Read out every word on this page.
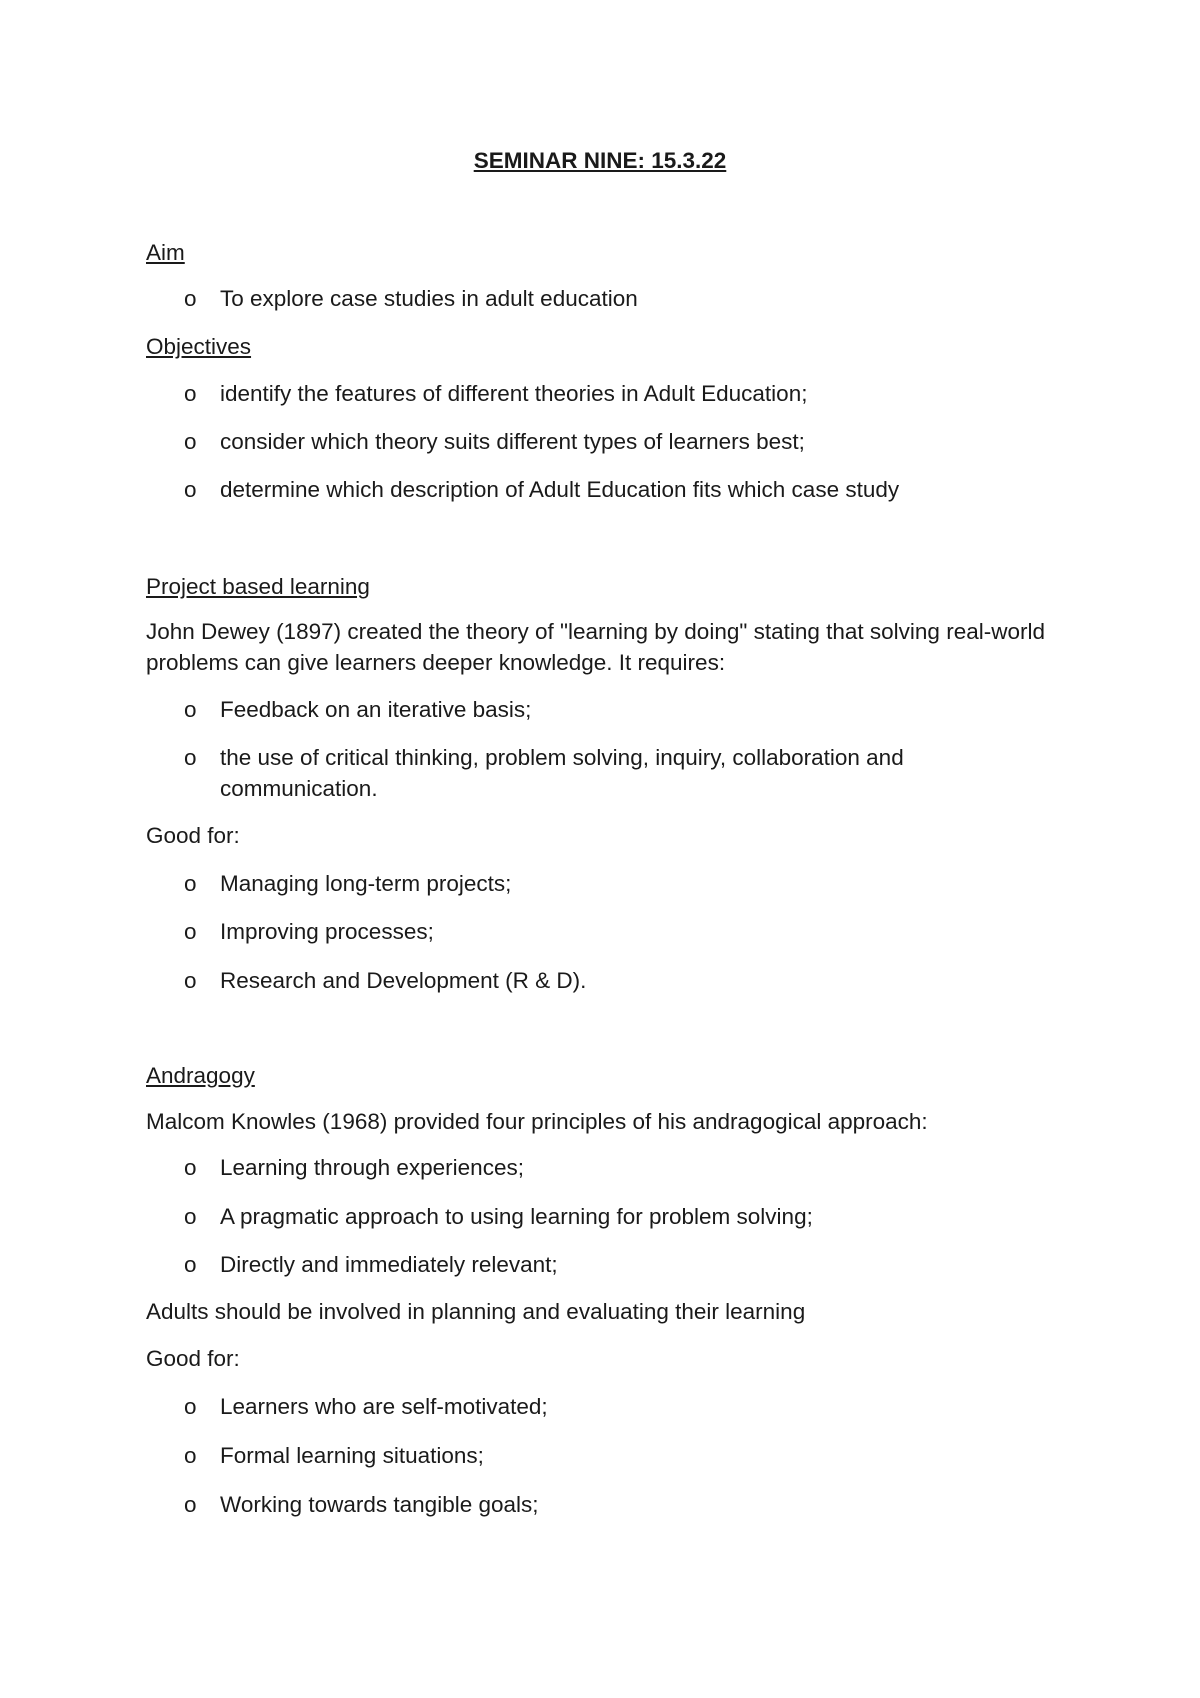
SEMINAR NINE: 15.3.22
Aim
o To explore case studies in adult education
Objectives
o identify the features of different theories in Adult Education;
o consider which theory suits different types of learners best;
o determine which description of Adult Education fits which case study
Project based learning
John Dewey (1897) created the theory of "learning by doing" stating that solving real-world problems can give learners deeper knowledge. It requires:
o Feedback on an iterative basis;
o the use of critical thinking, problem solving, inquiry, collaboration and communication.
Good for:
o Managing long-term projects;
o Improving processes;
o Research and Development (R & D).
Andragogy
Malcom Knowles (1968) provided four principles of his andragogical approach:
o Learning through experiences;
o A pragmatic approach to using learning for problem solving;
o Directly and immediately relevant;
Adults should be involved in planning and evaluating their learning
Good for:
o Learners who are self-motivated;
o Formal learning situations;
o Working towards tangible goals;
